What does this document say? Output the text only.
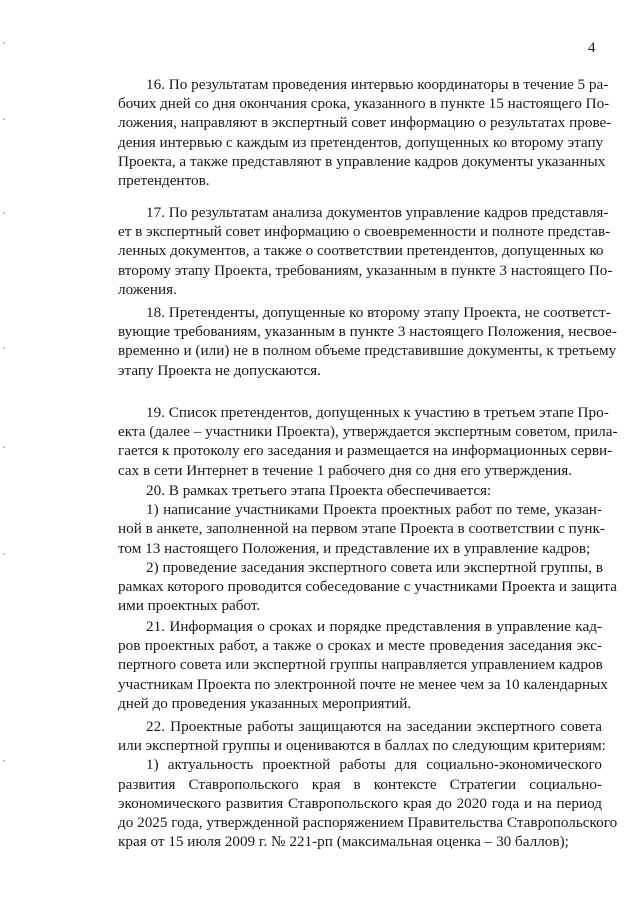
4
16. По результатам проведения интервью координаторы в течение 5 ра-
бочих дней со дня окончания срока, указанного в пункте 15 настоящего По-
ложения, направляют в экспертный совет информацию о результатах прове-
дения интервью с каждым из претендентов, допущенных ко второму этапу
Проекта, а также представляют в управление кадров документы указанных
претендентов.
17. По результатам анализа документов управление кадров представля-
ет в экспертный совет информацию о своевременности и полноте представ-
ленных документов, а также о соответствии претендентов, допущенных ко
второму этапу Проекта, требованиям, указанным в пункте 3 настоящего По-
ложения.
18. Претенденты, допущенные ко второму этапу Проекта, не соответст-
вующие требованиям, указанным в пункте 3 настоящего Положения, несвое-
временно и (или) не в полном объеме представившие документы, к третьему
этапу Проекта не допускаются.
19. Список претендентов, допущенных к участию в третьем этапе Про-
екта (далее – участники Проекта), утверждается экспертным советом, прила-
гается к протоколу его заседания и размещается на информационных серви-
сах в сети Интернет в течение 1 рабочего дня со дня его утверждения.
20. В рамках третьего этапа Проекта обеспечивается:
1) написание участниками Проекта проектных работ по теме, указан-
ной в анкете, заполненной на первом этапе Проекта в соответствии с пунк-
том 13 настоящего Положения, и представление их в управление кадров;
2) проведение заседания экспертного совета или экспертной группы, в
рамках которого проводится собеседование с участниками Проекта и защита
ими проектных работ.
21. Информация о сроках и порядке представления в управление кад-
ров проектных работ, а также о сроках и месте проведения заседания экс-
пертного совета или экспертной группы направляется управлением кадров
участникам Проекта по электронной почте не менее чем за 10 календарных
дней до проведения указанных мероприятий.
22. Проектные работы защищаются на заседании экспертного совета
или экспертной группы и оцениваются в баллах по следующим критериям:
1) актуальность проектной работы для социально-экономического
развития Ставропольского края в контексте Стратегии социально-
экономического развития Ставропольского края до 2020 года и на период
до 2025 года, утвержденной распоряжением Правительства Ставропольского
края от 15 июля 2009 г. № 221-рп (максимальная оценка – 30 баллов);
